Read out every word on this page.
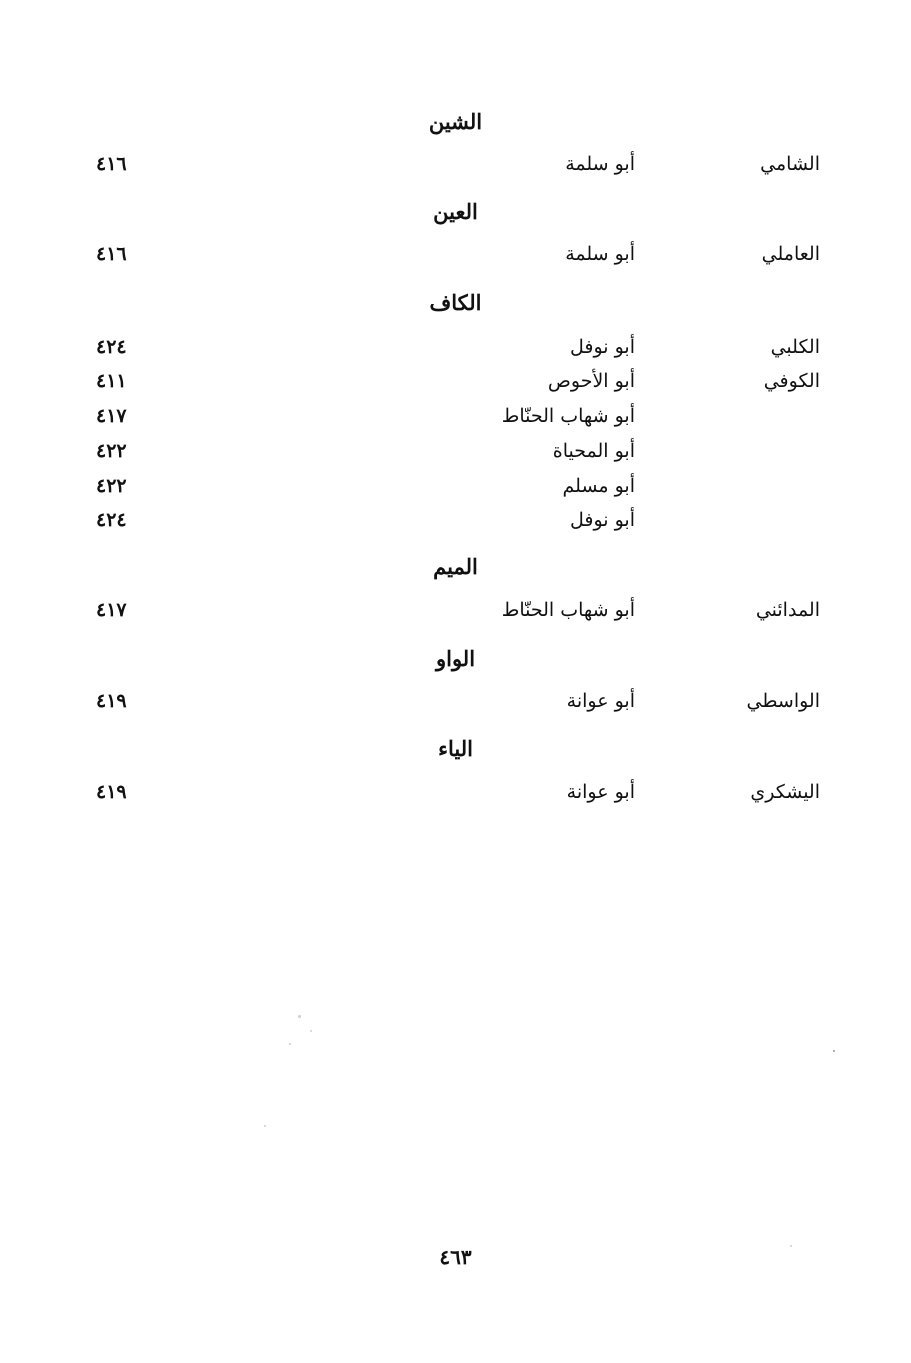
الشين
الشامي
أبو سلمة
٤١٦
العين
العاملي
أبو سلمة
٤١٦
الكاف
الكلبي
أبو نوفل
٤٢٤
الكوفي
أبو الأحوص
٤١١
أبو شهاب الحنّاط
٤١٧
أبو المحياة
٤٢٢
أبو مسلم
٤٢٢
أبو نوفل
٤٢٤
الميم
المدائني
أبو شهاب الحنّاط
٤١٧
الواو
الواسطي
أبو عوانة
٤١٩
الياء
اليشكري
أبو عوانة
٤١٩
٤٦٣
